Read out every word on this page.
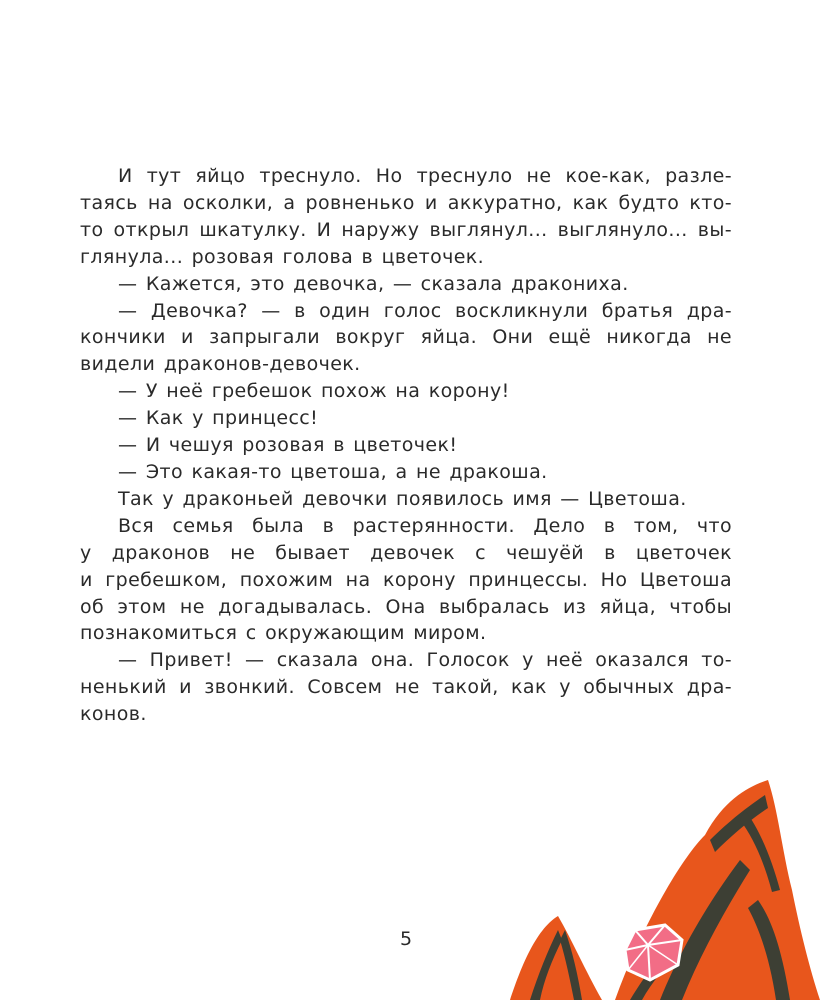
И тут яйцо треснуло. Но треснуло не кое-как, разле-
таясь на осколки, а ровненько и аккуратно, как будто кто-
то открыл шкатулку. И наружу выглянул... выглянуло... вы-
глянула... розовая голова в цветочек.
— Кажется, это девочка, — сказала дракониха.
— Девочка? — в один голос воскликнули братья дра-
кончики и запрыгали вокруг яйца. Они ещё никогда не
видели драконов-девочек.
— У неё гребешок похож на корону!
— Как у принцесс!
— И чешуя розовая в цветочек!
— Это какая-то цветоша, а не дракоша.
Так у драконьей девочки появилось имя — Цветоша.
Вся семья была в растерянности. Дело в том, что
у драконов не бывает девочек с чешуёй в цветочек
и гребешком, похожим на корону принцессы. Но Цветоша
об этом не догадывалась. Она выбралась из яйца, чтобы
познакомиться с окружающим миром.
— Привет! — сказала она. Голосок у неё оказался то-
ненький и звонкий. Совсем не такой, как у обычных дра-
конов.
5
